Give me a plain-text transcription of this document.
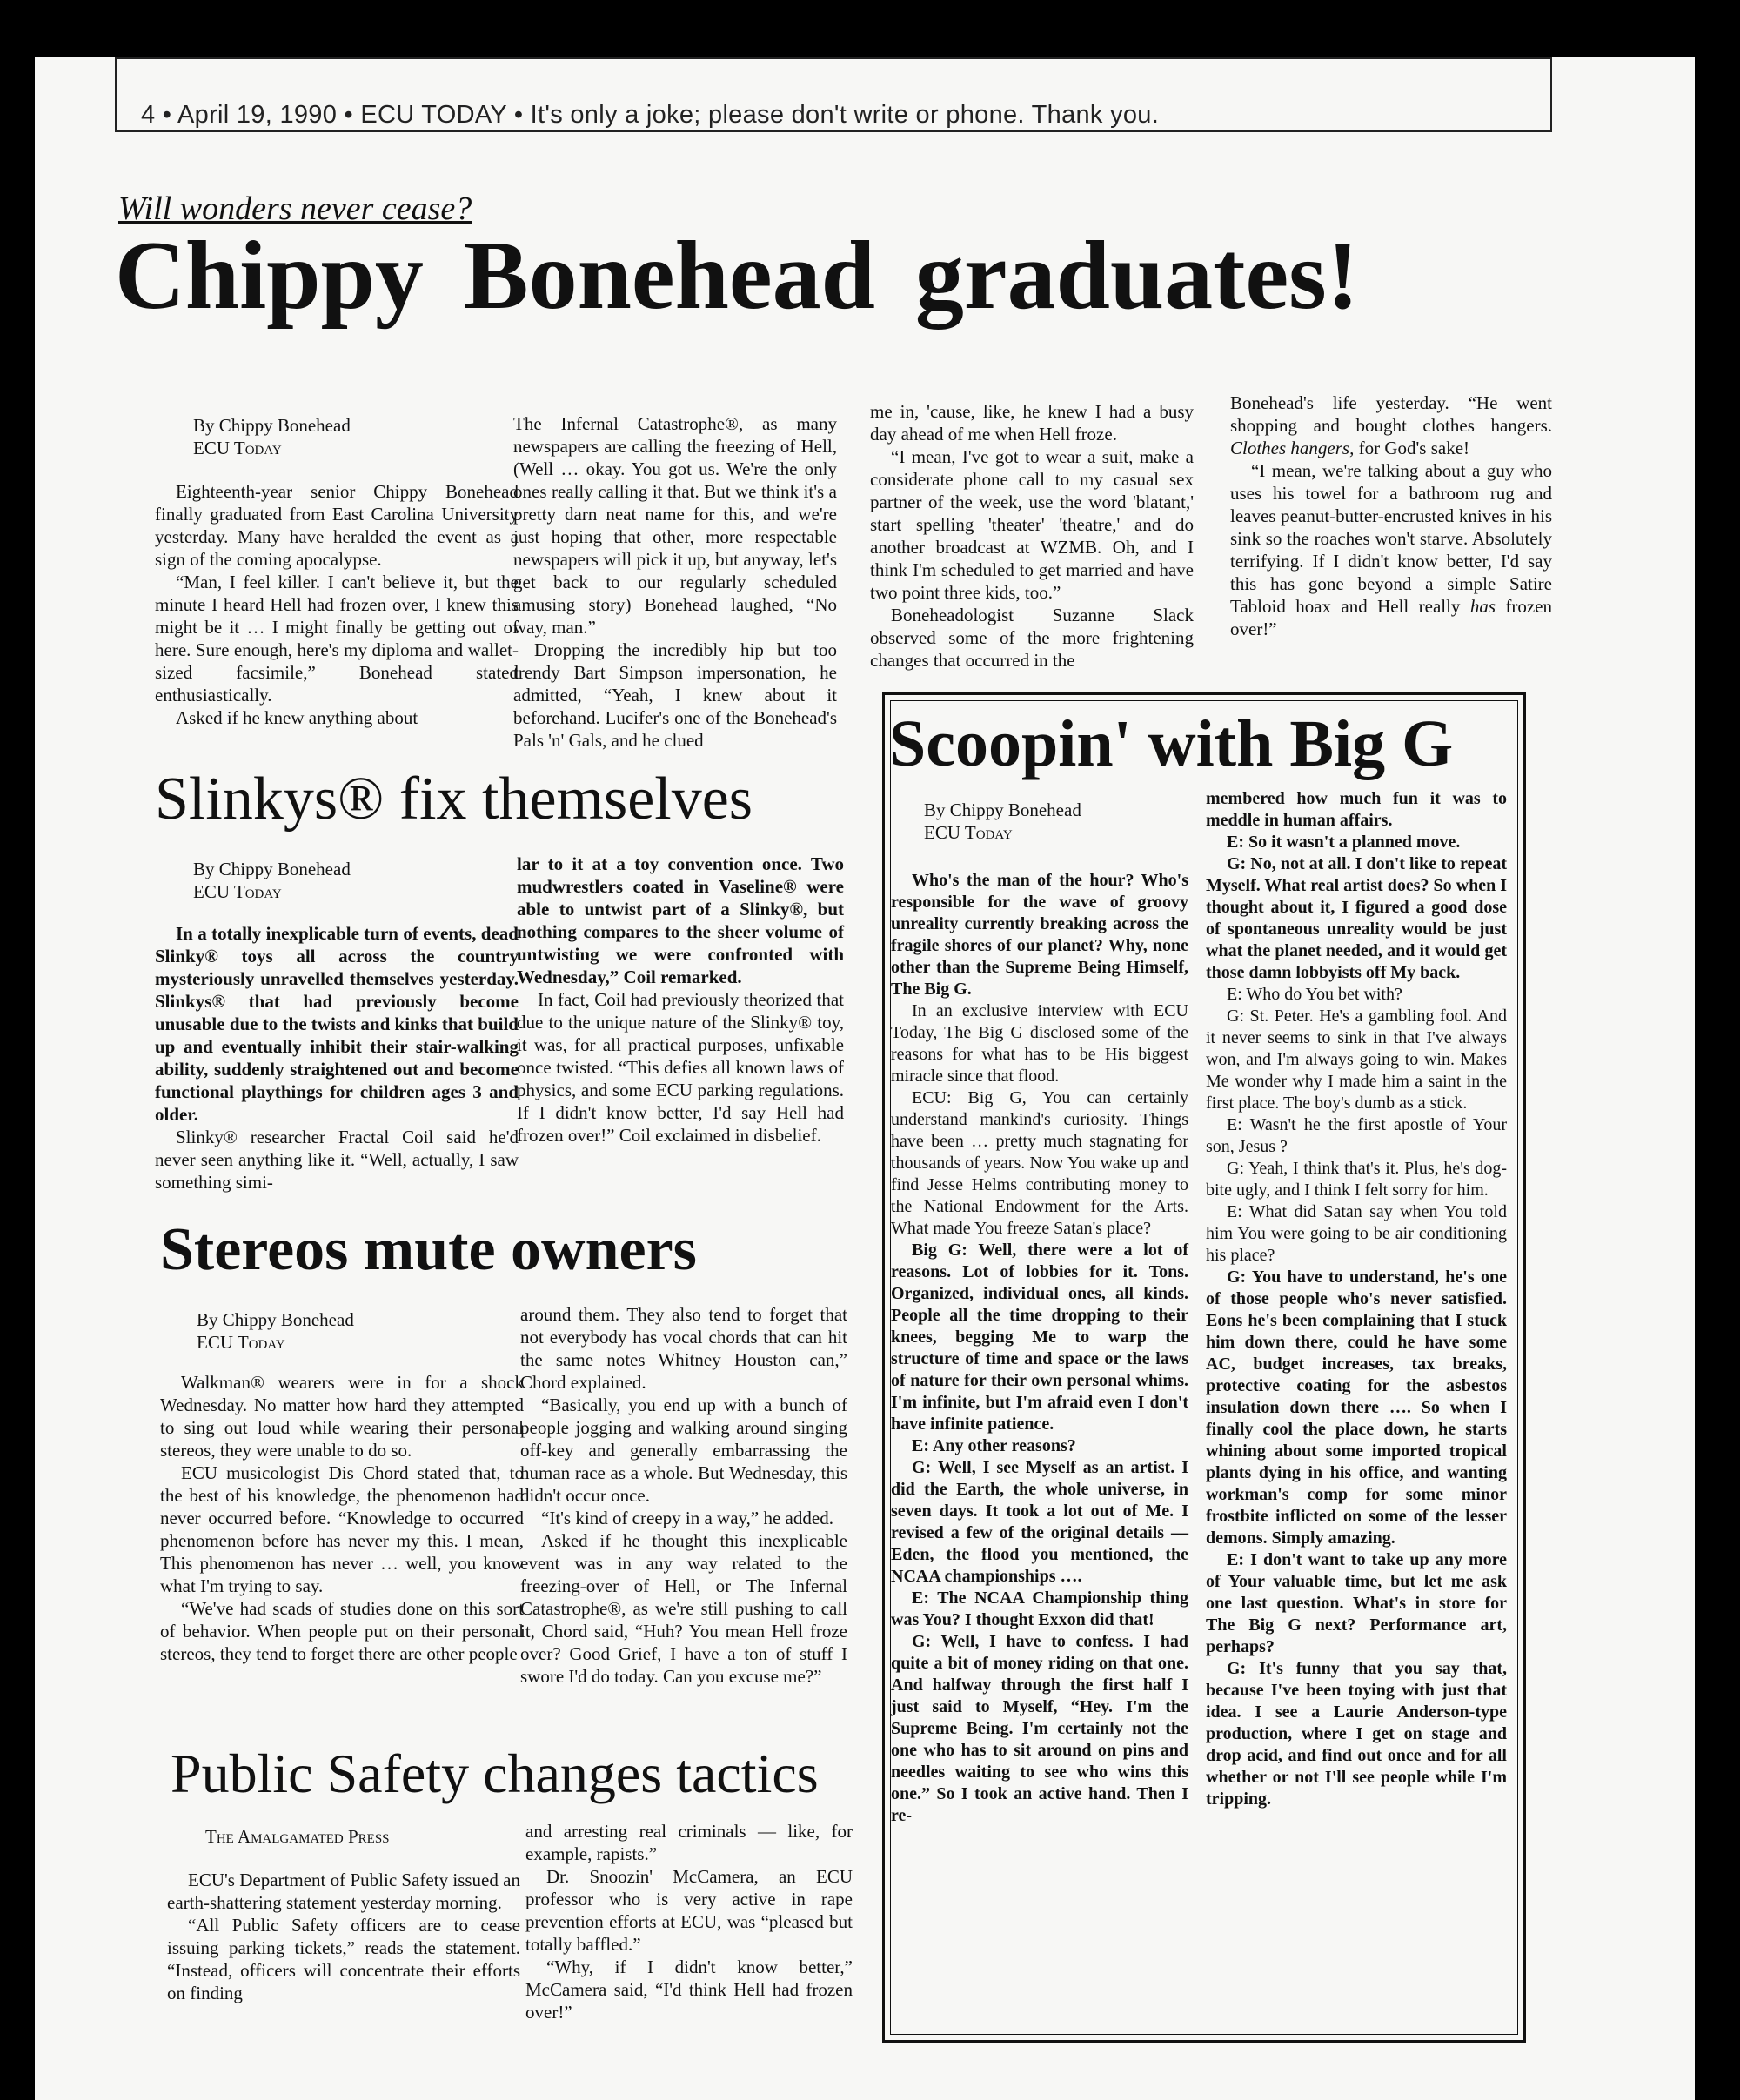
4 • April 19, 1990 • ECU TODAY • It's only a joke; please don't write or phone. Thank you.
Will wonders never cease?
Chippy Bonehead graduates!
By Chippy Bonehead
ECU Today

Eighteenth-year senior Chippy Bonehead finally graduated from East Carolina University yesterday. Many have heralded the event as a sign of the coming apocalypse.

“Man, I feel killer. I can't believe it, but the minute I heard Hell had frozen over, I knew this might be it … I might finally be getting out of here. Sure enough, here's my diploma and wallet-sized facsimile,” Bonehead stated enthusiastically.

Asked if he knew anything about

The Infernal Catastrophe®, as many newspapers are calling the freezing of Hell, (Well … okay. You got us. We're the only ones really calling it that. But we think it's a pretty darn neat name for this, and we're just hoping that other, more respectable newspapers will pick it up, but anyway, let's get back to our regularly scheduled amusing story) Bonehead laughed, “No way, man.”

Dropping the incredibly hip but too trendy Bart Simpson impersonation, he admitted, “Yeah, I knew about it beforehand. Lucifer's one of the Bonehead's Pals 'n' Gals, and he clued

me in, 'cause, like, he knew I had a busy day ahead of me when Hell froze.

“I mean, I've got to wear a suit, make a considerate phone call to my casual sex partner of the week, use the word 'blatant,' start spelling 'theater' 'theatre,' and do another broadcast at WZMB. Oh, and I think I'm scheduled to get married and have two point three kids, too.”

Boneheadologist Suzanne Slack observed some of the more frightening changes that occurred in the

Bonehead's life yesterday. “He went shopping and bought clothes hangers. Clothes hangers, for God's sake!

“I mean, we're talking about a guy who uses his towel for a bathroom rug and leaves peanut-butter-encrusted knives in his sink so the roaches won't starve. Absolutely terrifying. If I didn't know better, I'd say this has gone beyond a simple Satire Tabloid hoax and Hell really has frozen over!”

Slinkys® fix themselves
By Chippy Bonehead
ECU Today

In a totally inexplicable turn of events, dead Slinky® toys all across the country mysteriously unravelled themselves yesterday. Slinkys® that had previously become unusable due to the twists and kinks that build up and eventually inhibit their stair-walking ability, suddenly straightened out and become functional playthings for children ages 3 and older.

Slinky® researcher Fractal Coil said he'd never seen anything like it. “Well, actually, I saw something simi-

lar to it at a toy convention once. Two mudwrestlers coated in Vaseline® were able to untwist part of a Slinky®, but nothing compares to the sheer volume of untwisting we were confronted with Wednesday,” Coil remarked.

In fact, Coil had previously theorized that due to the unique nature of the Slinky® toy, it was, for all practical purposes, unfixable once twisted. “This defies all known laws of physics, and some ECU parking regulations. If I didn't know better, I'd say Hell had frozen over!” Coil exclaimed in disbelief.

Stereos mute owners
By Chippy Bonehead
ECU Today

Walkman® wearers were in for a shock Wednesday. No matter how hard they attempted to sing out loud while wearing their personal stereos, they were unable to do so.

ECU musicologist Dis Chord stated that, to the best of his knowledge, the phenomenon had never occurred before. “Knowledge to occurred phenomenon before has never my this. I mean, This phenomenon has never … well, you know what I'm trying to say.

“We've had scads of studies done on this sort of behavior. When people put on their personal stereos, they tend to forget there are other people

around them. They also tend to forget that not everybody has vocal chords that can hit the same notes Whitney Houston can,” Chord explained.

“Basically, you end up with a bunch of people jogging and walking around singing off-key and generally embarrassing the human race as a whole. But Wednesday, this didn't occur once.

“It's kind of creepy in a way,” he added.

Asked if he thought this inexplicable event was in any way related to the freezing-over of Hell, or The Infernal Catastrophe®, as we're still pushing to call it, Chord said, “Huh? You mean Hell froze over? Good Grief, I have a ton of stuff I swore I'd do today. Can you excuse me?”

Public Safety changes tactics
The Amalgamated Press

ECU's Department of Public Safety issued an earth-shattering statement yesterday morning.

“All Public Safety officers are to cease issuing parking tickets,” reads the statement. “Instead, officers will concentrate their efforts on finding

and arresting real criminals — like, for example, rapists.”

Dr. Snoozin' McCamera, an ECU professor who is very active in rape prevention efforts at ECU, was “pleased but totally baffled.”

“Why, if I didn't know better,” McCamera said, “I'd think Hell had frozen over!”

Scoopin' with Big G
By Chippy Bonehead
ECU Today

Who's the man of the hour? Who's responsible for the wave of groovy unreality currently breaking across the fragile shores of our planet? Why, none other than the Supreme Being Himself, The Big G.

In an exclusive interview with ECU Today, The Big G disclosed some of the reasons for what has to be His biggest miracle since that flood.

ECU: Big G, You can certainly understand mankind's curiosity. Things have been … pretty much stagnating for thousands of years. Now You wake up and find Jesse Helms contributing money to the National Endowment for the Arts. What made You freeze Satan's place?

Big G: Well, there were a lot of reasons. Lot of lobbies for it. Tons. Organized, individual ones, all kinds. People all the time dropping to their knees, begging Me to warp the structure of time and space or the laws of nature for their own personal whims. I'm infinite, but I'm afraid even I don't have infinite patience.

E: Any other reasons?

G: Well, I see Myself as an artist. I did the Earth, the whole universe, in seven days. It took a lot out of Me. I revised a few of the original details — Eden, the flood you mentioned, the NCAA championships ….

E: The NCAA Championship thing was You? I thought Exxon did that!

G: Well, I have to confess. I had quite a bit of money riding on that one. And halfway through the first half I just said to Myself, “Hey. I'm the Supreme Being. I'm certainly not the one who has to sit around on pins and needles waiting to see who wins this one.” So I took an active hand. Then I re-

membered how much fun it was to meddle in human affairs.

E: So it wasn't a planned move.

G: No, not at all. I don't like to repeat Myself. What real artist does? So when I thought about it, I figured a good dose of spontaneous unreality would be just what the planet needed, and it would get those damn lobbyists off My back.

E: Who do You bet with?

G: St. Peter. He's a gambling fool. And it never seems to sink in that I've always won, and I'm always going to win. Makes Me wonder why I made him a saint in the first place. The boy's dumb as a stick.

E: Wasn't he the first apostle of Your son, Jesus ?

G: Yeah, I think that's it. Plus, he's dog-bite ugly, and I think I felt sorry for him.

E: What did Satan say when You told him You were going to be air conditioning his place?

G: You have to understand, he's one of those people who's never satisfied. Eons he's been complaining that I stuck him down there, could he have some AC, budget increases, tax breaks, protective coating for the asbestos insulation down there …. So when I finally cool the place down, he starts whining about some imported tropical plants dying in his office, and wanting workman's comp for some minor frostbite inflicted on some of the lesser demons. Simply amazing.

E: I don't want to take up any more of Your valuable time, but let me ask one last question. What's in store for The Big G next? Performance art, perhaps?

G: It's funny that you say that, because I've been toying with just that idea. I see a Laurie Anderson-type production, where I get on stage and drop acid, and find out once and for all whether or not I'll see people while I'm tripping.
